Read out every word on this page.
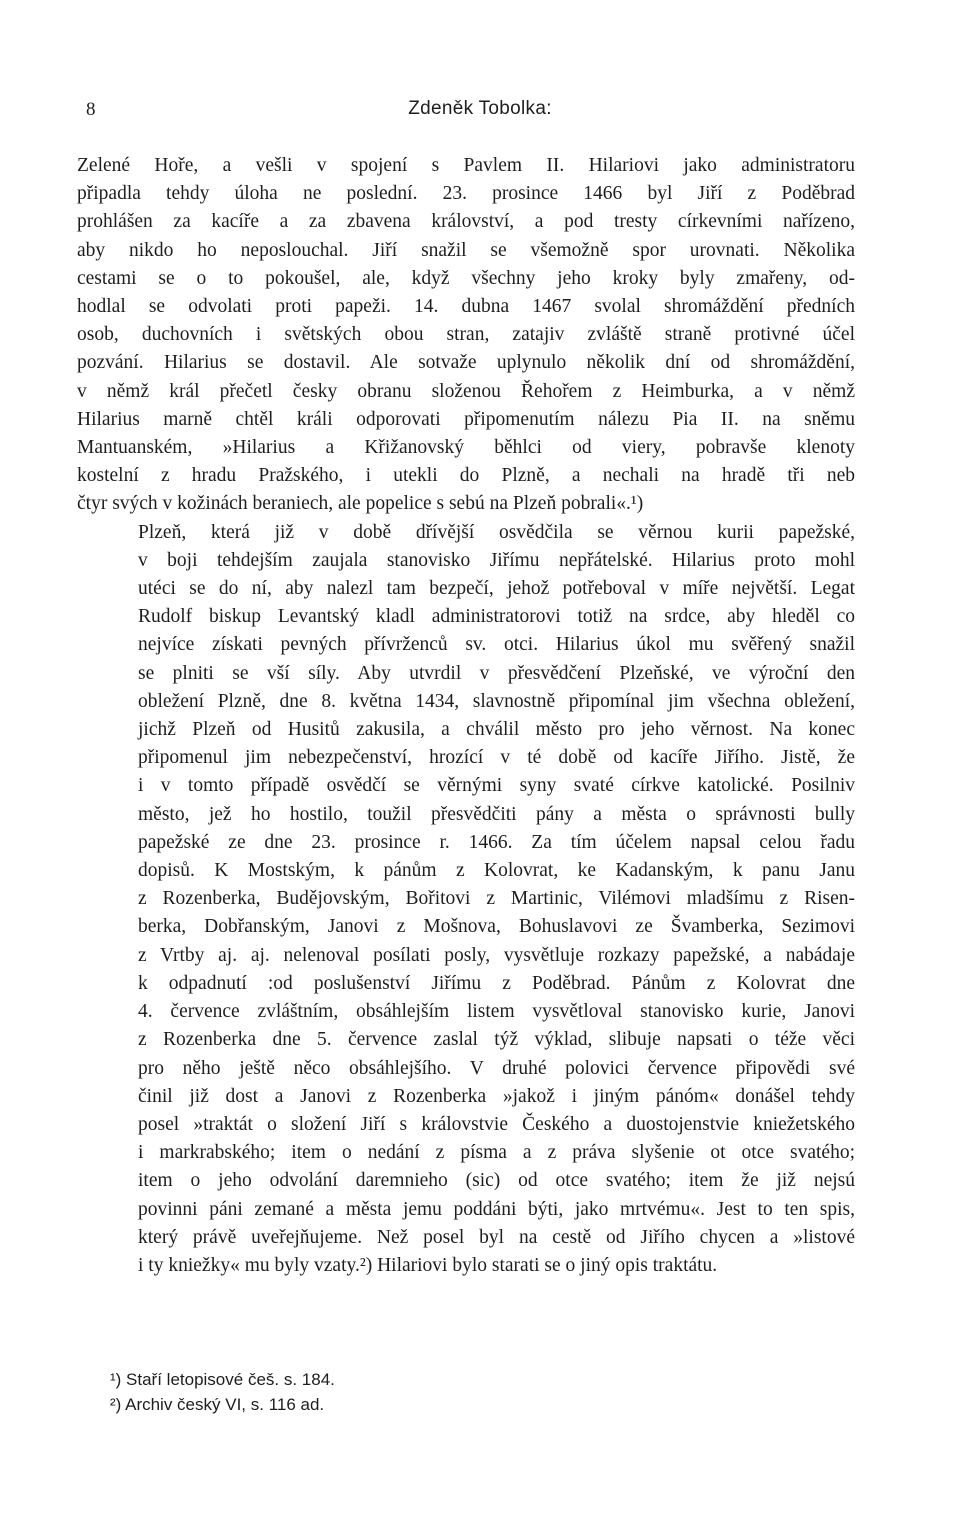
8	Zdeněk Tobolka:
Zelené Hoře, a vešli v spojení s Pavlem II. Hilariovi jako administratoru
připadla tehdy úloha ne poslední. 23. prosince 1466 byl Jiří z Poděbrad
prohlášen za kacíře a za zbavena království, a pod tresty církevními nařízeno,
aby nikdo ho neposlouchal. Jiří snažil se všemožně spor urovnati. Několika
cestami se o to pokoušel, ale, když všechny jeho kroky byly zmařeny, od-
hodlal se odvolati proti papeži. 14. dubna 1467 svolal shromáždění předních
osob, duchovních i světských obou stran, zatajiv zvláště straně protivné účel
pozvání. Hilarius se dostavil. Ale sotvaže uplynulo několik dní od shromáždění,
v němž král přečetl česky obranu složenou Řehořem z Heimburka, a v němž
Hilarius marně chtěl králi odporovati připomenutím nálezu Pia II. na sněmu
Mantuanském, »Hilarius a Křižanovský běhlci od viery, pobravše klenoty
kostelní z hradu Pražského, i utekli do Plzně, a nechali na hradě tři neb
čtyr svých v kožinách beraniech, ale popelice s sebú na Plzeň pobrali«.¹)
Plzeň, která již v době dřívější osvědčila se věrnou kurii papežské,
v boji tehdejším zaujala stanovisko Jiřímu nepřátelské. Hilarius proto mohl
utéci se do ní, aby nalezl tam bezpečí, jehož potřeboval v míře největší. Legat
Rudolf biskup Levantský kladl administratorovi totiž na srdce, aby hleděl co
nejvíce získati pevných přívrženců sv. otci. Hilarius úkol mu svěřený snažil
se plniti se vší síly. Aby utvrdil v přesvědčení Plzeňské, ve výroční den
obležení Plzně, dne 8. května 1434, slavnostně připomínal jim všechna obležení,
jichž Plzeň od Husitů zakusila, a chválil město pro jeho věrnost. Na konec
připomenul jim nebezpečenství, hrozící v té době od kacíře Jiřího. Jistě, že
i v tomto případě osvědčí se věrnými syny svaté církve katolické. Posilniv
město, jež ho hostilo, toužil přesvědčiti pány a města o správnosti bully
papežské ze dne 23. prosince r. 1466. Za tím účelem napsal celou řadu
dopisů. K Mostským, k pánům z Kolovrat, ke Kadanským, k panu Janu
z Rozenberka, Budějovským, Bořitovi z Martinic, Vilémovi mladšímu z Risen-
berka, Dobřanským, Janovi z Mošnova, Bohuslavovi ze Švamberka, Sezimovi
z Vrtby aj. aj. nelenoval posílati posly, vysvětluje rozkazy papežské, a nabádaje
k odpadnutí :od poslušenství Jiřímu z Poděbrad. Pánům z Kolovrat dne
4. července zvláštním, obsáhlejším listem vysvětloval stanovisko kurie, Janovi
z Rozenberka dne 5. července zaslal týž výklad, slibuje napsati o téže věci
pro něho ještě něco obsáhlejšího. V druhé polovici července připovědi své
činil již dost a Janovi z Rozenberka »jakož i jiným pánóm« donášel tehdy
posel »traktát o složení Jiří s královstvie Českého a duostojenstvie kniežetského
i markrabského; item o nedání z písma a z práva slyšenie ot otce svatého;
item o jeho odvolání daremnieho (sic) od otce svatého; item že již nejsú
povinni páni zemané a města jemu poddáni býti, jako mrtvému«. Jest to ten spis,
který právě uveřejňujeme. Než posel byl na cestě od Jiřího chycen a »listové
i ty kniežky« mu byly vzaty.²) Hilariovi bylo starati se o jiný opis traktátu.
¹) Staří letopisové češ. s. 184.
²) Archiv český VI, s. 116 ad.
